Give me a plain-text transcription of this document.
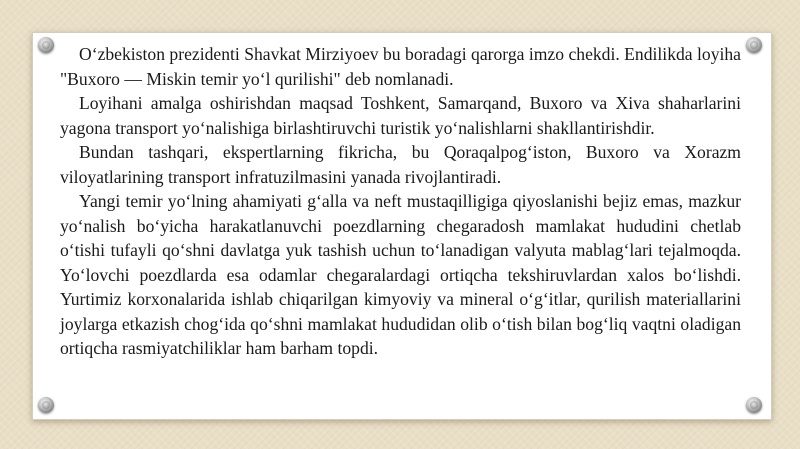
O‘zbekiston prezidenti Shavkat Mirziyoev bu boradagi qarorga imzo chekdi. Endilikda loyiha "Buxoro — Miskin temir yo‘l qurilishi" deb nomlanadi.

Loyihani amalga oshirishdan maqsad Toshkent, Samarqand, Buxoro va Xiva shaharlarini yagona transport yo‘nalishiga birlashtiruvchi turistik yo‘nalishlarni shakllantirishdir.

Bundan tashqari, ekspertlarning fikricha, bu Qoraqalpog‘iston, Buxoro va Xorazm viloyatlarining transport infratuzilmasini yanada rivojlantiradi.

Yangi temir yo‘lning ahamiyati g‘alla va neft mustaqilligiga qiyoslanishi bejiz emas, mazkur yo‘nalish bo‘yicha harakatlanuvchi poezdlarning chegaradosh mamlakat hududini chetlab o‘tishi tufayli qo‘shni davlatga yuk tashish uchun to‘lanadigan valyuta mablag‘lari tejalmoqda. Yo‘lovchi poezdlarda esa odamlar chegaralardagi ortiqcha tekshiruvlardan xalos bo‘lishdi. Yurtimiz korxonalarida ishlab chiqarilgan kimyoviy va mineral o‘g‘itlar, qurilish materiallarini joylarga etkazish chog‘ida qo‘shni mamlakat hududidan olib o‘tish bilan bog‘liq vaqtni oladigan ortiqcha rasmiyatchiliklar ham barham topdi.
